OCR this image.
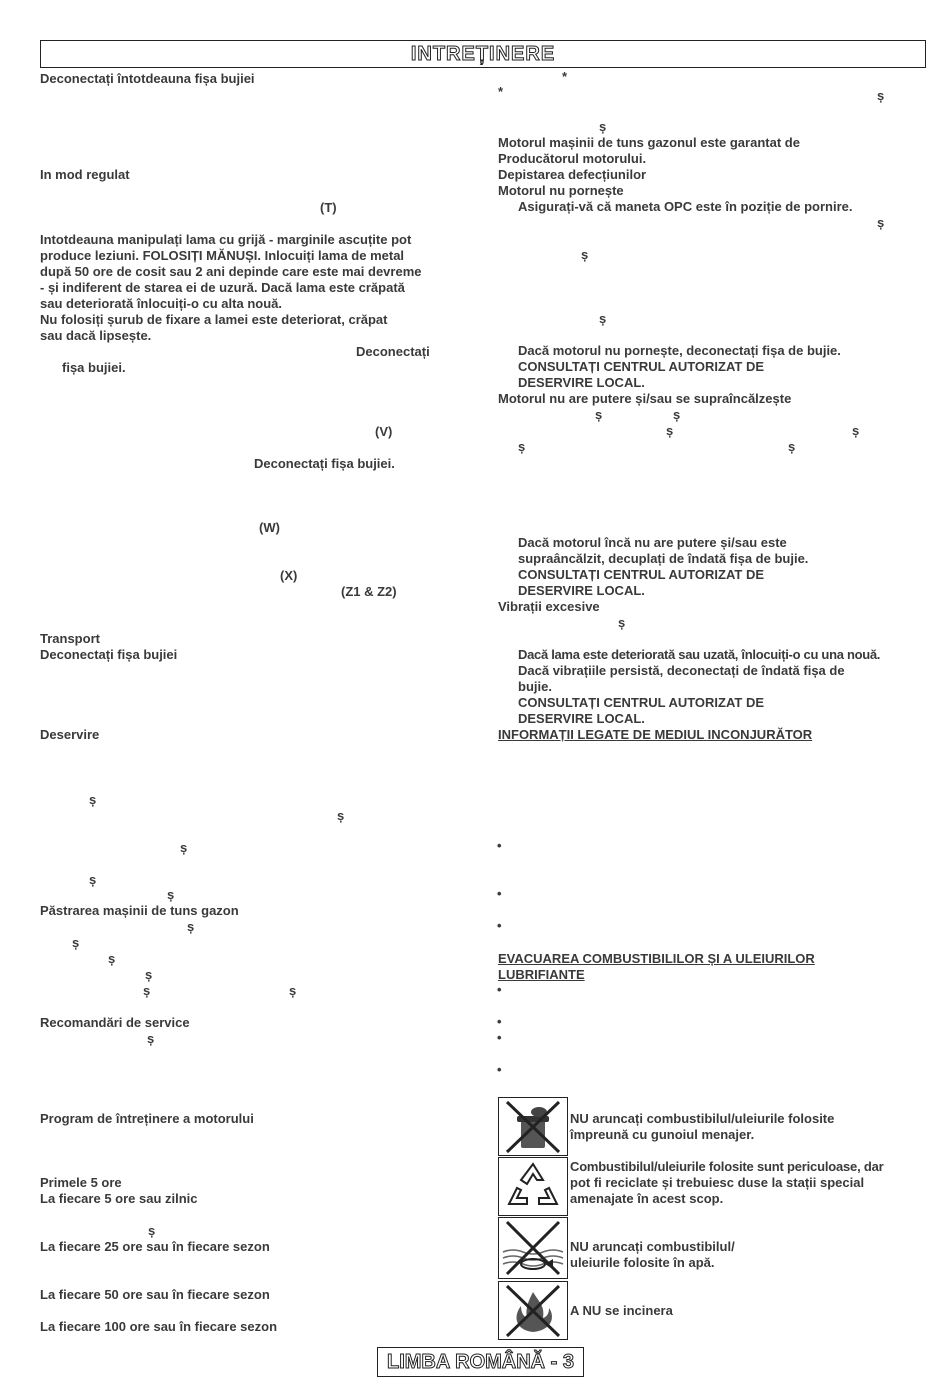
INTREȚINERE
Deconectați întotdeauna fișa bujiei
In mod regulat
(T)
Intotdeauna manipulați lama cu grijă - marginile ascuțite pot
produce leziuni. FOLOSIȚI MĂNUȘI. Inlocuiți lama de metal
după 50 ore de cosit sau 2 ani depinde care este mai devreme
- și indiferent de starea ei de uzură. Dacă lama este crăpată
sau deteriorată înlocuiți-o cu alta nouă.
Nu folosiți șurub de fixare a lamei este deteriorat, crăpat
sau dacă lipsește.
Deconectați
fișa bujiei.
(V)
Deconectați fișa bujiei.
(W)
(X)
(Z1 & Z2)
Transport
Deconectați fișa bujiei
Deservire
ș
ș
ș
ș
ș
Păstrarea mașinii de tuns gazon
ș
ș
ș
ș
ș	ș
Recomandări de service
ș
Program de întreținere a motorului
Primele 5 ore
La fiecare 5 ore sau zilnic
ș
La fiecare 25 ore sau în fiecare sezon
La fiecare 50 ore sau în fiecare sezon
La fiecare 100 ore sau în fiecare sezon
*
*	ș
ș
Motorul mașinii de tuns gazonul este garantat de
Producătorul motorului.
Depistarea defecțiunilor
Motorul nu pornește
Asigurați-vă că maneta OPC este în poziție de pornire.
ș
ș
ș
Dacă motorul nu pornește, deconectați fișa de bujie.
CONSULTAȚI CENTRUL AUTORIZAT DE
DESERVIRE LOCAL.
Motorul nu are putere și/sau se supraîncălzește
ș	ș
ș	ș
ș	ș
Dacă motorul încă nu are putere și/sau este
supraâncălzit, decuplați de îndată fișa de bujie.
CONSULTAȚI CENTRUL AUTORIZAT DE
DESERVIRE LOCAL.
Vibrații excesive
ș
Dacă lama este deteriorată sau uzată, înlocuiți-o cu una nouă.
Dacă vibrațiile persistă, deconectați de îndată fișa de
bujie.
CONSULTAȚI CENTRUL AUTORIZAT DE
DESERVIRE LOCAL.
INFORMAȚII LEGATE DE MEDIUL INCONJURĂTOR
•
•
•
EVACUAREA COMBUSTIBILILOR ȘI A ULEIURILOR
LUBRIFIANTE
•
•
•
•
NU aruncați combustibilul/uleiurile folosite
împreună cu gunoiul menajer.
Combustibilul/uleiurile folosite sunt periculoase, dar
pot fi reciclate și trebuiesc duse la stații special
amenajate în acest scop.
NU aruncați combustibilul/
uleiurile folosite în apă.
A NU se incinera
LIMBA ROMÂNĂ - 3
